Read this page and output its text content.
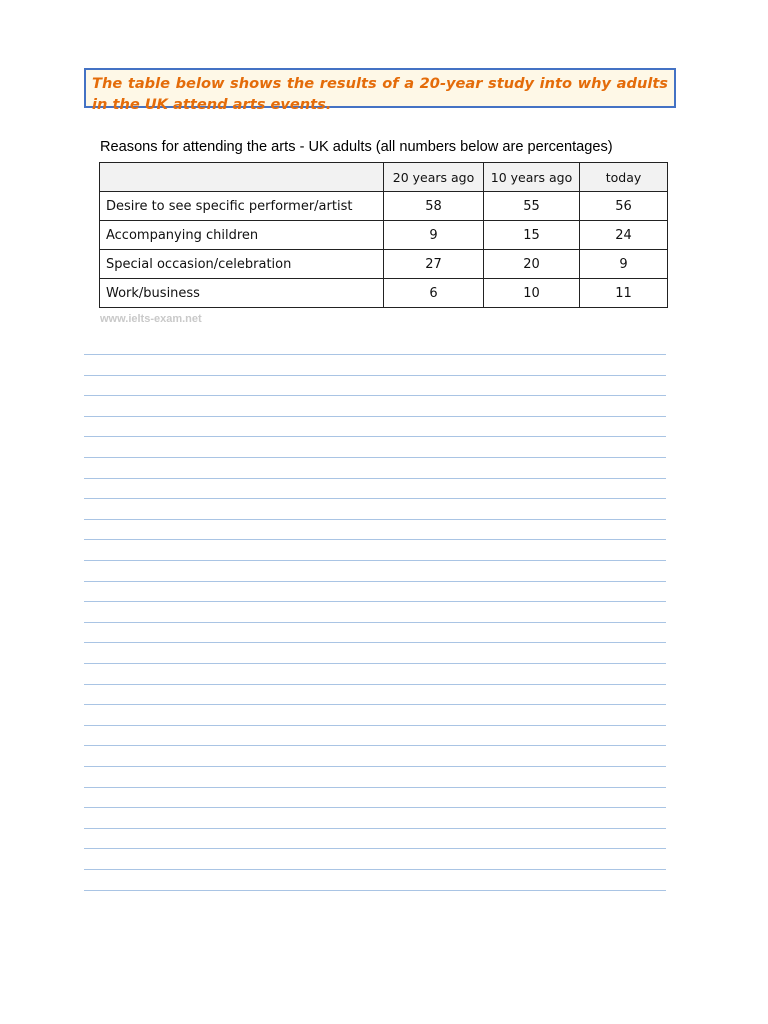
The table below shows the results of a 20-year study into why adults in the UK attend arts events.
Reasons for attending the arts - UK adults (all numbers below are percentages)
	20 years ago	10 years ago	today
Desire to see specific performer/artist	58	55	56
Accompanying children	9	15	24
Special occasion/celebration	27	20	9
Work/business	6	10	11
www.ielts-exam.net
